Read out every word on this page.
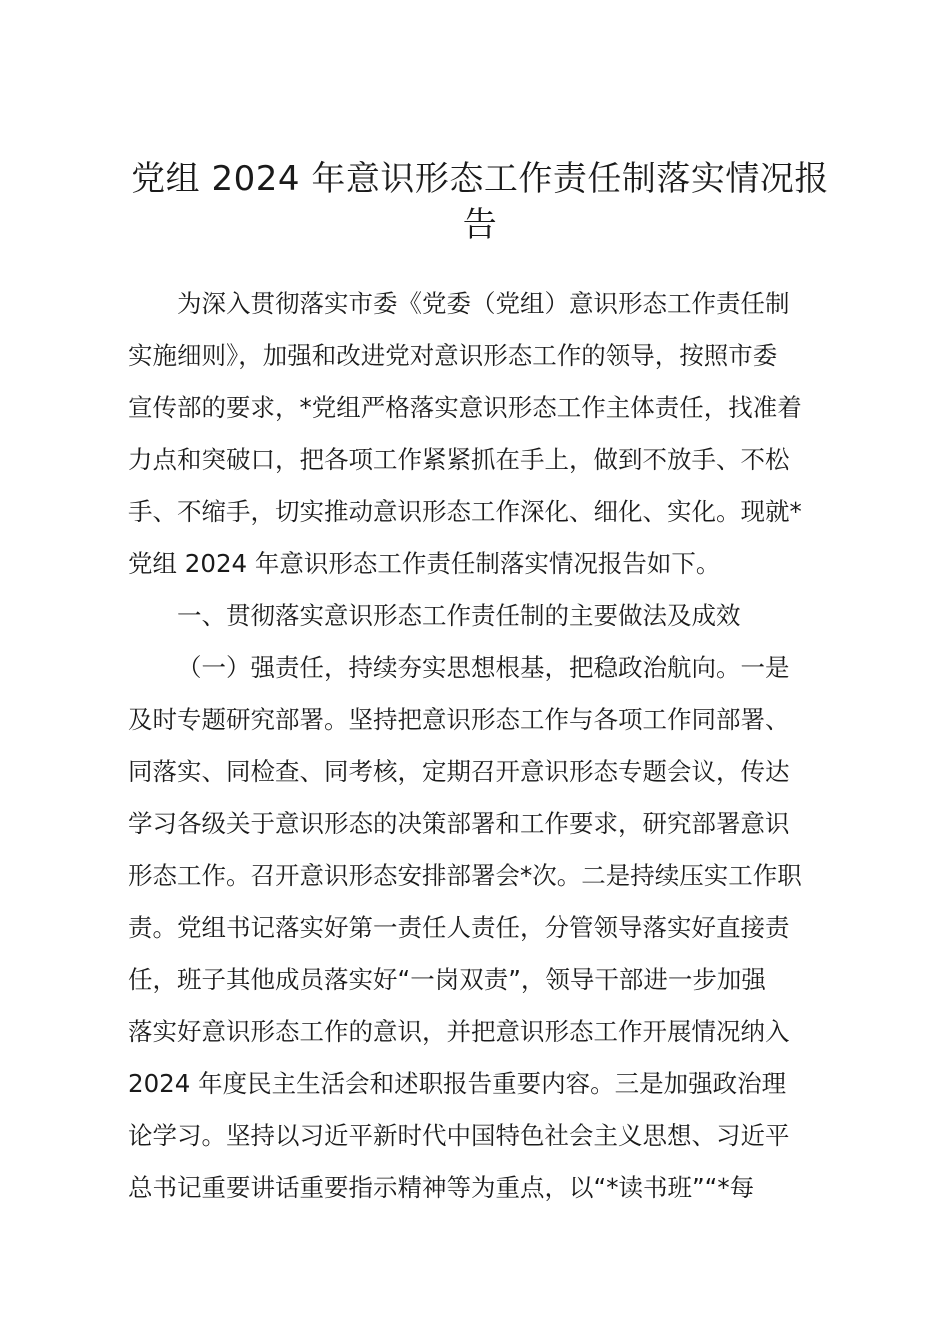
党组 2024 年意识形态工作责任制落实情况报
告
为深入贯彻落实市委《党委（党组）意识形态工作责任制
实施细则》，加强和改进党对意识形态工作的领导，按照市委
宣传部的要求，*党组严格落实意识形态工作主体责任，找准着
力点和突破口，把各项工作紧紧抓在手上，做到不放手、不松
手、不缩手，切实推动意识形态工作深化、细化、实化。现就*
党组 2024 年意识形态工作责任制落实情况报告如下。
一、贯彻落实意识形态工作责任制的主要做法及成效
（一）强责任，持续夯实思想根基，把稳政治航向。一是
及时专题研究部署。坚持把意识形态工作与各项工作同部署、
同落实、同检查、同考核，定期召开意识形态专题会议，传达
学习各级关于意识形态的决策部署和工作要求，研究部署意识
形态工作。召开意识形态安排部署会*次。二是持续压实工作职
责。党组书记落实好第一责任人责任，分管领导落实好直接责
任，班子其他成员落实好“一岗双责”，领导干部进一步加强
落实好意识形态工作的意识，并把意识形态工作开展情况纳入
2024 年度民主生活会和述职报告重要内容。三是加强政治理
论学习。坚持以习近平新时代中国特色社会主义思想、习近平
总书记重要讲话重要指示精神等为重点，以“*读书班”“*每
